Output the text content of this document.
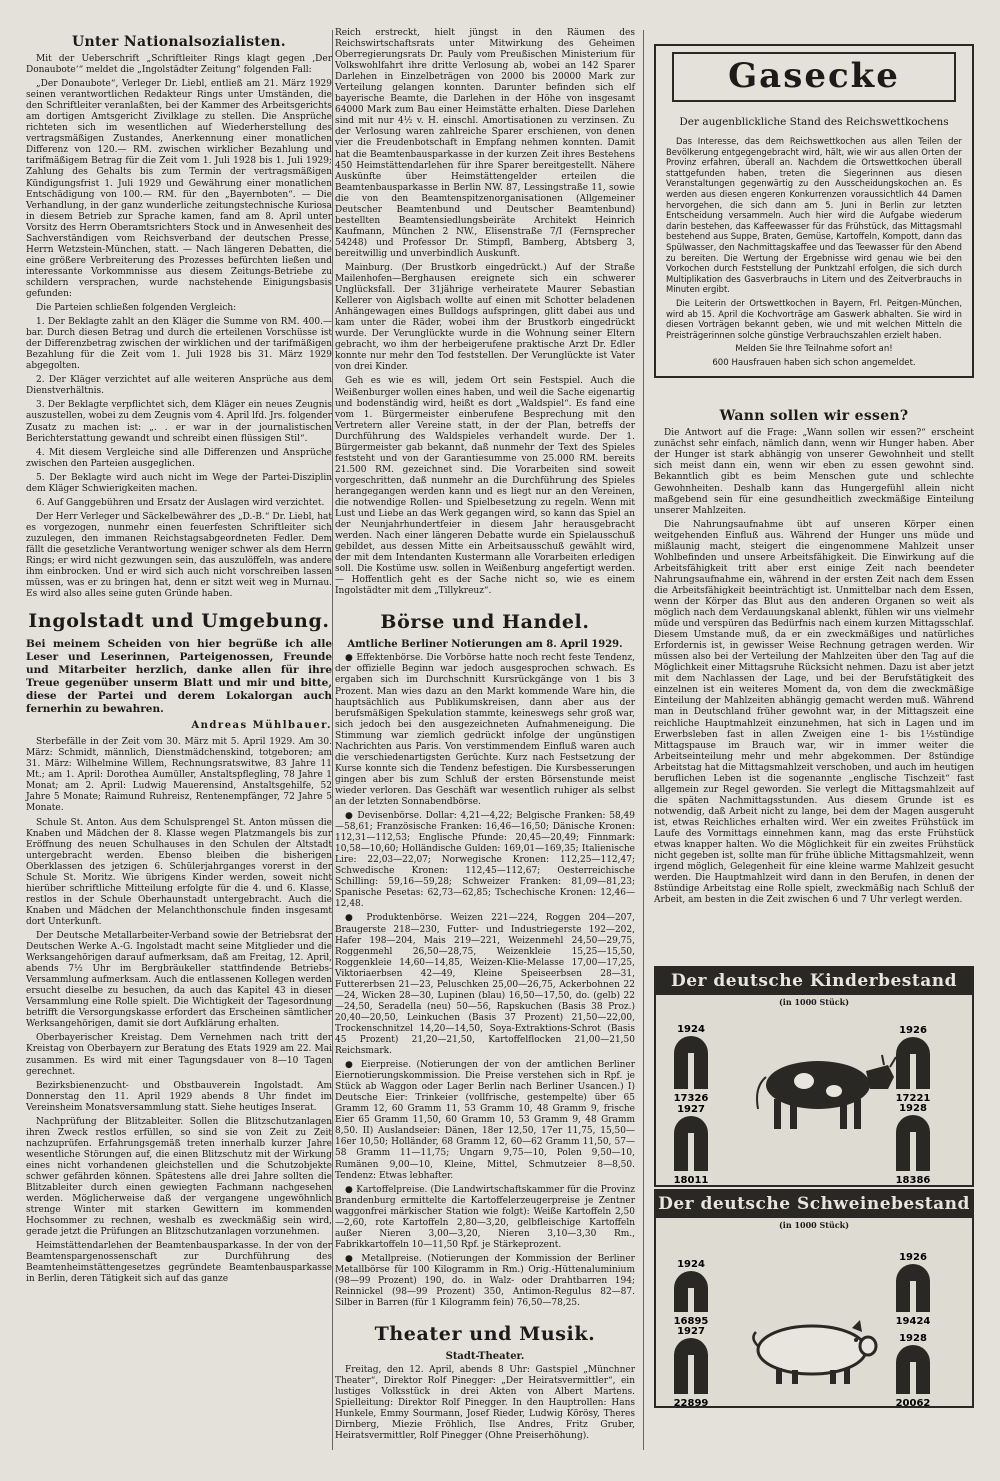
Unter Nationalsozialisten.

Mit der Ueberschrift „Schriftleiter Rings klagt gegen ‚Der Donaubote‘“ meldet die „Ingolstädter Zeitung“ folgenden Fall:

„Der Donaubote“, Verleger Dr. Liebl, entließ am 21. März 1929 seinen verantwortlichen Redakteur Rings unter Umständen, die den Schriftleiter veranlaßten, bei der Kammer des Arbeitsgerichts am dortigen Amtsgericht Zivilklage zu stellen. Die Ansprüche richteten sich im wesentlichen auf Wiederherstellung des vertragsmäßigen Zustandes, Anerkennung einer monatlichen Differenz von 120.— RM. zwischen wirklicher Bezahlung und tarifmäßigem Betrag für die Zeit vom 1. Juli 1928 bis 1. Juli 1929; Zahlung des Gehalts bis zum Termin der vertragsmäßigen Kündigungsfrist 1. Juli 1929 und Gewährung einer monatlichen Entschädigung von 100.— RM. für den „Bayernboten“. — Die Verhandlung, in der ganz wunderliche zeitungstechnische Kuriosa in diesem Betrieb zur Sprache kamen, fand am 8. April unter Vorsitz des Herrn Oberamtsrichters Stock und in Anwesenheit des Sachverständigen vom Reichsverband der deutschen Presse, Herrn Wetzstein-München, statt. — Nach längeren Debatten, die eine größere Verbreiterung des Prozesses befürchten ließen und interessante Vorkommnisse aus diesem Zeitungs-Betriebe zu schildern versprachen, wurde nachstehende Einigungsbasis gefunden:

Die Parteien schließen folgenden Vergleich:

1. Der Beklagte zahlt an den Kläger die Summe von RM. 400.— bar. Durch diesen Betrag und durch die erteilenen Vorschüsse ist der Differenzbetrag zwischen der wirklichen und der tarifmäßigen Bezahlung für die Zeit vom 1. Juli 1928 bis 31. März 1929 abgegolten.

2. Der Kläger verzichtet auf alle weiteren Ansprüche aus dem Dienstverhältnis.

3. Der Beklagte verpflichtet sich, dem Kläger ein neues Zeugnis auszustellen, wobei zu dem Zeugnis vom 4. April lfd. Jrs. folgender Zusatz zu machen ist: „. . er war in der journalistischen Berichterstattung gewandt und schreibt einen flüssigen Stil“.

4. Mit diesem Vergleiche sind alle Differenzen und Ansprüche zwischen den Parteien ausgeglichen.

5. Der Beklagte wird auch nicht im Wege der Partei-Disziplin dem Kläger Schwierigkeiten machen.

6. Auf Ganggebühren und Ersatz der Auslagen wird verzichtet.

Der Herr Verleger und Säckelbewährer des „D.-B.“ Dr. Liebl, hat es vorgezogen, nunmehr einen feuerfesten Schriftleiter sich zuzulegen, den immanen Reichstagsabgeordneten Fedler. Dem fällt die gesetzliche Verantwortung weniger schwer als dem Herrn Rings; er wird nicht gezwungen sein, das auszulöffeln, was andere ihm einbrocken. Und er wird sich auch nicht vorschreiben lassen müssen, was er zu bringen hat, denn er sitzt weit weg in Murnau. Es wird also alles seine guten Gründe haben.

Ingolstadt und Umgebung.

Bei meinem Scheiden von hier begrüße ich alle Leser und Leserinnen, Parteigenossen, Freunde und Mitarbeiter herzlich, danke allen für ihre Treue gegenüber unserm Blatt und mir und bitte, diese der Partei und derem Lokalorgan auch fernerhin zu bewahren.

Andreas Mühlbauer.

Sterbefälle in der Zeit vom 30. März mit 5. April 1929. Am 30. März: Schmidt, männlich, Dienstmädchenskind, totgeboren; am 31. März: Wilhelmine Willem, Rechnungsratswitwe, 83 Jahre 11 Mt.; am 1. April: Dorothea Aumüller, Anstaltspflegling, 78 Jahre 1 Monat; am 2. April: Ludwig Mauerensind, Anstaltsgehilfe, 52 Jahre 5 Monate; Raimund Ruhreisz, Rentenempfänger, 72 Jahre 5 Monate.

Schule St. Anton. Aus dem Schulsprengel St. Anton müssen die Knaben und Mädchen der 8. Klasse wegen Platzmangels bis zur Eröffnung des neuen Schulhauses in den Schulen der Altstadt untergebracht werden. Ebenso bleiben die bisherigen Oberklassen des jetzigen 6. Schülerjahrganges vorerst in der Schule St. Moritz. Wie übrigens Kinder werden, soweit nicht hierüber schriftliche Mitteilung erfolgte für die 4. und 6. Klasse, restlos in der Schule Oberhaunstadt untergebracht. Auch die Knaben und Mädchen der Melanchthonschule finden insgesamt dort Unterkunft.

Der Deutsche Metallarbeiter-Verband sowie der Betriebsrat der Deutschen Werke A.-G. Ingolstadt macht seine Mitglieder und die Werksangehörigen darauf aufmerksam, daß am Freitag, 12. April, abends 7½ Uhr im Bergbräukeller stattfindende Betriebs-Versammlung aufmerksam. Auch die entlassenen Kollegen werden ersucht dieselbe zu besuchen, da auch das Kapitel 43 in dieser Versammlung eine Rolle spielt. Die Wichtigkeit der Tagesordnung betrifft die Versorgungskasse erfordert das Erscheinen sämtlicher Werksangehörigen, damit sie dort Aufklärung erhalten.

Oberbayerischer Kreistag. Dem Vernehmen nach tritt der Kreistag von Oberbayern zur Beratung des Etats 1929 am 22. Mai zusammen. Es wird mit einer Tagungsdauer von 8—10 Tagen gerechnet.

Bezirksbienenzucht- und Obstbauverein Ingolstadt. Am Donnerstag den 11. April 1929 abends 8 Uhr findet im Vereinsheim Monatsversammlung statt. Siehe heutiges Inserat.

Nachprüfung der Blitzableiter. Sollen die Blitzschutzanlagen ihren Zweck restlos erfüllen, so sind sie von Zeit zu Zeit nachzuprüfen. Erfahrungsgemäß treten innerhalb kurzer Jahre wesentliche Störungen auf, die einen Blitzschutz mit der Wirkung eines nicht vorhandenen gleichstellen und die Schutzobjekte schwer gefährden können. Spätestens alle drei Jahre sollten die Blitzableiter durch einen gewiegten Fachmann nachgesehen werden. Möglicherweise daß der vergangene ungewöhnlich strenge Winter mit starken Gewittern im kommenden Hochsommer zu rechnen, weshalb es zweckmäßig sein wird, gerade jetzt die Prüfungen an Blitzschutzanlagen vorzunehmen.

Heimstättendarlehen der Beamtenbausparkasse. In der von der Beamtenspargenossenschaft zur Durchführung des Beamtenheimstättengesetzes gegründete Beamtenbausparkasse in Berlin, deren Tätigkeit sich auf das ganze

Reich erstreckt, hielt jüngst in den Räumen des Reichswirtschaftsrats unter Mitwirkung des Geheimen Oberregierungsrats Dr. Pauly vom Preußischen Ministerium für Volkswohlfahrt ihre dritte Verlosung ab, wobei an 142 Sparer Darlehen in Einzelbeträgen von 2000 bis 20000 Mark zur Verteilung gelangen konnten. Darunter befinden sich elf bayerische Beamte, die Darlehen in der Höhe von insgesamt 64000 Mark zum Bau einer Heimstätte erhalten. Diese Darlehen sind mit nur 4½ v. H. einschl. Amortisationen zu verzinsen. Zu der Verlosung waren zahlreiche Sparer erschienen, von denen vier die Freudenbotschaft in Empfang nehmen konnten. Damit hat die Beamtenbausparkasse in der kurzen Zeit ihres Bestehens 450 Heimstättendarlehen für ihre Sparer bereitgestellt. Nähere Auskünfte über Heimstättengelder erteilen die Beamtenbausparkasse in Berlin NW. 87, Lessingstraße 11, sowie die von den Beamtenspitzenorganisationen (Allgemeiner Deutscher Beamtenbund und Deutscher Beamtenbund) bestellten Beamtensiedlungsbeiräte Architekt Heinrich Kaufmann, München 2 NW., Elisenstraße 7/I (Fernsprecher 54248) und Professor Dr. Stimpfl, Bamberg, Abtsberg 3, bereitwillig und unverbindlich Auskunft.

Mainburg. (Der Brustkorb eingedrückt.) Auf der Straße Mailenhofen—Berghausen ereignete sich ein schwerer Unglücksfall. Der 31jährige verheiratete Maurer Sebastian Kellerer von Aiglsbach wollte auf einen mit Schotter beladenen Anhängewagen eines Bulldogs aufspringen, glitt dabei aus und kam unter die Räder, wobei ihm der Brustkorb eingedrückt wurde. Der Verunglückte wurde in die Wohnung seiner Eltern gebracht, wo ihm der herbeigerufene praktische Arzt Dr. Edler konnte nur mehr den Tod feststellen. Der Verunglückte ist Vater von drei Kinder.

Geh es wie es will, jedem Ort sein Festspiel. Auch die Weißenburger wollen eines haben, und weil die Sache eigenartig und bodenständig wird, heißt es dort „Waldspiel“. Es fand eine vom 1. Bürgermeister einberufene Besprechung mit den Vertretern aller Vereine statt, in der der Plan, betreffs der Durchführung des Waldspieles verhandelt wurde. Der 1. Bürgermeister gab bekannt, daß nunmehr der Text des Spieles feststeht und von der Garantiesumme von 25.000 RM. bereits 21.500 RM. gezeichnet sind. Die Vorarbeiten sind soweit vorgeschritten, daß nunmehr an die Durchführung des Spieles herangegangen werden kann und es liegt nur an den Vereinen, die notwendige Rollen- und Spielbesetzung zu regeln. Wenn mit Lust und Liebe an das Werk gegangen wird, so kann das Spiel an der Neunjahrhundertfeier in diesem Jahr herausgebracht werden. Nach einer längeren Debatte wurde ein Spielausschuß gebildet, aus dessen Mitte ein Arbeitsausschuß gewählt wird, der mit dem Intendanten Kustermann alle Vorarbeiten erledigen soll. Die Kostüme usw. sollen in Weißenburg angefertigt werden. — Hoffentlich geht es der Sache nicht so, wie es einem Ingolstädter mit dem „Tillykreuz“.

Börse und Handel.
Amtliche Berliner Notierungen am 8. April 1929.

● Effektenbörse. Die Vorbörse hatte noch recht feste Tendenz, der offizielle Beginn war jedoch ausgesprochen schwach. Es ergaben sich im Durchschnitt Kursrückgänge von 1 bis 3 Prozent. Man wies dazu an den Markt kommende Ware hin, die hauptsächlich aus Publikumskreisen, dann aber aus der berufsmäßigen Spekulation stammte, keineswegs sehr groß war, sich jedoch bei den ausgezeichneten Aufnahmeneigung. Die Stimmung war ziemlich gedrückt infolge der ungünstigen Nachrichten aus Paris. Von verstimmendem Einfluß waren auch die verschiedenartigsten Gerüchte. Kurz nach Festsetzung der Kurse konnte sich die Tendenz befestigen. Die Kursbesserungen gingen aber bis zum Schluß der ersten Börsenstunde meist wieder verloren. Das Geschäft war wesentlich ruhiger als selbst an der letzten Sonnabendbörse.

● Devisenbörse. Dollar: 4,21—4,22; Belgische Franken: 58,49—58,61; Französische Franken: 16,46—16,50; Dänische Kronen: 112,31—112,53; Englische Pfunde: 20,45—20,49; Finnmark: 10,58—10,60; Holländische Gulden: 169,01—169,35; Italienische Lire: 22,03—22,07; Norwegische Kronen: 112,25—112,47; Schwedische Kronen: 112,45—112,67; Oesterreichische Schilling: 59,16—59,28; Schweizer Franken: 81,09—81,23; Spanische Pesetas: 62,73—62,85; Tschechische Kronen: 12,46—12,48.

● Produktenbörse. Weizen 221—224, Roggen 204—207, Braugerste 218—230, Futter- und Industriegerste 192—202, Hafer 198—204, Mais 219—221, Weizenmehl 24,50—29,75, Roggenmehl 26,50—28,75, Weizenkleie 15,25—15,50, Roggenkleie 14,60—14,85, Weizen-Klie-Melasse 17,00—17,25, Viktoriaerbsen 42—49, Kleine Speiseerbsen 28—31, Futtererbsen 21—23, Peluschken 25,00—26,75, Ackerbohnen 22—24, Wicken 28—30, Lupinen (blau) 16,50—17,50, do. (gelb) 22—24,50, Seradella (neu) 50—56, Rapskuchen (Basis 38 Proz.) 20,40—20,50, Leinkuchen (Basis 37 Prozent) 21,50—22,00, Trockenschnitzel 14,20—14,50, Soya-Extraktions-Schrot (Basis 45 Prozent) 21,20—21,50, Kartoffelflocken 21,00—21,50 Reichsmark.

● Eierpreise. (Notierungen der von der amtlichen Berliner Eiernotierungskommission. Die Preise verstehen sich in Rpf. je Stück ab Waggon oder Lager Berlin nach Berliner Usancen.) I) Deutsche Eier: Trinkeier (vollfrische, gestempelte) über 65 Gramm 12, 60 Gramm 11, 53 Gramm 10, 48 Gramm 9, frische Eier 65 Gramm 11,50, 60 Gramm 10, 53 Gramm 9, 48 Gramm 8,50. II) Auslandseier: Dänen, 18er 12,50, 17er 11,75, 15,50—16er 10,50; Holländer, 68 Gramm 12, 60—62 Gramm 11,50, 57—58 Gramm 11—11,75; Ungarn 9,75—10, Polen 9,50—10, Rumänen 9,00—10, Kleine, Mittel, Schmutzeier 8—8,50. Tendenz: Etwas lebhafter.

● Kartoffelpreise. (Die Landwirtschaftskammer für die Provinz Brandenburg ermittelte die Kartoffelerzeugerpreise je Zentner waggonfrei märkischer Station wie folgt): Weiße Kartoffeln 2,50—2,60, rote Kartoffeln 2,80—3,20, gelbfleischige Kartoffeln außer Nieren 3,00—3,20, Nieren 3,10—3,30 Rm., Fabrikkartoffeln 10—11,50 Rpf. je Stärkeprozent.

● Metallpreise. (Notierungen der Kommission der Berliner Metallbörse für 100 Kilogramm in Rm.) Orig.-Hüttenaluminium (98—99 Prozent) 190, do. in Walz- oder Drahtbarren 194; Reinnickel (98—99 Prozent) 350, Antimon-Regulus 82—87. Silber in Barren (für 1 Kilogramm fein) 76,50—78,25.

Theater und Musik.
Stadt-Theater.

Freitag, den 12. April, abends 8 Uhr: Gastspiel „Münchner Theater“, Direktor Rolf Pinegger: „Der Heiratsvermittler“, ein lustiges Volksstück in drei Akten von Albert Martens. Spielleitung: Direktor Rolf Pinegger. In den Hauptrollen: Hans Hunkele, Emmy Sourmann, Josef Rieder, Ludwig Körösy, Theres Dirnberg, Miezie Fröhlich, Ilse Andres, Fritz Gruber, Heiratsvermittler, Rolf Pinegger (Ohne Preiserhöhung).

Gasecke
Der augenblickliche Stand des Reichswettkochens

Das Interesse, das dem Reichswettkochen aus allen Teilen der Bevölkerung entgegengebracht wird, hält, wie wir aus allen Orten der Provinz erfahren, überall an. Nachdem die Ortswettkochen überall stattgefunden haben, treten die Siegerinnen aus diesen Veranstaltungen gegenwärtig zu den Ausscheidungskochen an. Es werden aus diesen engeren Konkurrenzen voraussichtlich 44 Damen hervorgehen, die sich dann am 5. Juni in Berlin zur letzten Entscheidung versammeln. Auch hier wird die Aufgabe wiederum darin bestehen, das Kaffeewasser für das Frühstück, das Mittagsmahl bestehend aus Suppe, Braten, Gemüse, Kartoffeln, Kompott, dann das Spülwasser, den Nachmittagskaffee und das Teewasser für den Abend zu bereiten. Die Wertung der Ergebnisse wird genau wie bei den Vorkochen durch Feststellung der Punktzahl erfolgen, die sich durch Multiplikation des Gasverbrauchs in Litern und des Zeitverbrauchs in Minuten ergibt.

Die Leiterin der Ortswettkochen in Bayern, Frl. Peitgen-München, wird ab 15. April die Kochvorträge am Gaswerk abhalten. Sie wird in diesen Vorträgen bekannt geben, wie und mit welchen Mitteln die Preisträgerinnen solche günstige Verbrauchszahlen erzielt haben.

Melden Sie Ihre Teilnahme sofort an!
600 Hausfrauen haben sich schon angemeldet.
Wann sollen wir essen?

Die Antwort auf die Frage: „Wann sollen wir essen?“ erscheint zunächst sehr einfach, nämlich dann, wenn wir Hunger haben. Aber der Hunger ist stark abhängig von unserer Gewohnheit und stellt sich meist dann ein, wenn wir eben zu essen gewohnt sind. Bekanntlich gibt es beim Menschen gute und schlechte Gewohnheiten. Deshalb kann das Hungergefühl allein nicht maßgebend sein für eine gesundheitlich zweckmäßige Einteilung unserer Mahlzeiten.

Die Nahrungsaufnahme übt auf unseren Körper einen weitgehenden Einfluß aus. Während der Hunger uns müde und mißlaunig macht, steigert die eingenommene Mahlzeit unser Wohlbefinden und unsere Arbeitsfähigkeit. Die Einwirkung auf die Arbeitsfähigkeit tritt aber erst einige Zeit nach beendeter Nahrungsaufnahme ein, während in der ersten Zeit nach dem Essen die Arbeitsfähigkeit beeinträchtigt ist. Unmittelbar nach dem Essen, wenn der Körper das Blut aus den anderen Organen so weit als möglich nach dem Verdauungskanal ablenkt, fühlen wir uns vielmehr müde und verspüren das Bedürfnis nach einem kurzen Mittagsschlaf. Diesem Umstande muß, da er ein zweckmäßiges und natürliches Erfordernis ist, in gewisser Weise Rechnung getragen werden. Wir müssen also bei der Verteilung der Mahlzeiten über den Tag auf die Möglichkeit einer Mittagsruhe Rücksicht nehmen. Dazu ist aber jetzt mit dem Nachlassen der Lage, und bei der Berufstätigkeit des einzelnen ist ein weiteres Moment da, von dem die zweckmäßige Einteilung der Mahlzeiten abhängig gemacht werden muß. Während man in Deutschland früher gewohnt war, in der Mittagszeit eine reichliche Hauptmahlzeit einzunehmen, hat sich in Lagen und im Erwerbsleben fast in allen Zweigen eine 1- bis 1½stündige Mittagspause im Brauch war, wir in immer weiter die Arbeitseinteilung mehr und mehr abgekommen. Der 8stündige Arbeitstag hat die Mittagsmahlzeit verschoben, und auch im heutigen beruflichen Leben ist die sogenannte „englische Tischzeit“ fast allgemein zur Regel geworden. Sie verlegt die Mittagsmahlzeit auf die späten Nachmittagsstunden. Aus diesem Grunde ist es notwendig, daß Arbeit nicht zu lange, bei dem der Magen ausgeruht ist, etwas Reichliches erhalten wird. Wer ein zweites Frühstück im Laufe des Vormittags einnehmen kann, mag das erste Frühstück etwas knapper halten. Wo die Möglichkeit für ein zweites Frühstück nicht gegeben ist, sollte man für frühe übliche Mittagsmahlzeit, wenn irgend möglich, Gelegenheit für eine kleine warme Mahlzeit gesucht werden. Die Hauptmahlzeit wird dann in den Berufen, in denen der 8stündige Arbeitstag eine Rolle spielt, zweckmäßig nach Schluß der Arbeit, am besten in die Zeit zwischen 6 und 7 Uhr verlegt werden.

Der deutsche Kinderbestand
(in 1000 Stück)
1924
17326
1926
17221
1927
18011
1928
18386
Der deutsche Schweinebestand
(in 1000 Stück)
1924
16895
1926
19424
1927
22899
1928
20062
